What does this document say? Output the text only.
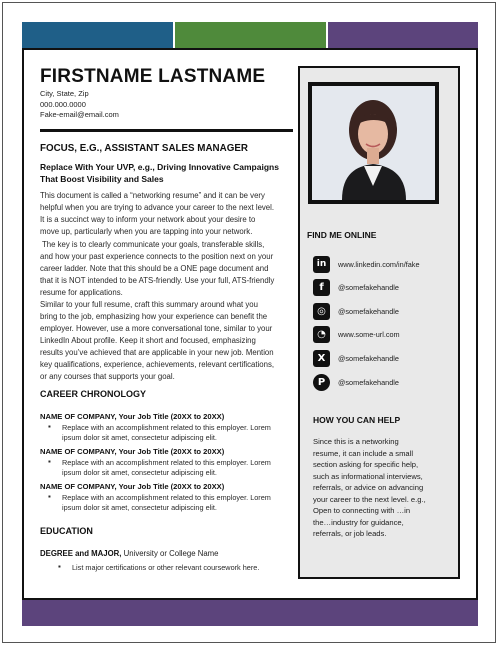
FIRSTNAME LASTNAME
City, State, Zip
000.000.0000
Fake-email@email.com
FOCUS, E.G., ASSISTANT SALES MANAGER
Replace With Your UVP, e.g., Driving Innovative Campaigns
That Boost Visibility and Sales
This document is called a “networking resume” and it can be very
helpful when you are trying to advance your career to the next level.
It is a succinct way to inform your network about your desire to
move up, particularly when you are tapping into your network.
The key is to clearly communicate your goals, transferable skills,
and how your past experience connects to the position next on your
career ladder. Note that this should be a ONE page document and
that it is NOT intended to be ATS-friendly. Use your full, ATS-friendly
resume for applications.
Similar to your full resume, craft this summary around what you
bring to the job, emphasizing how your experience can benefit the
employer. However, use a more conversational tone, similar to your
LinkedIn About profile. Keep it short and focused, emphasizing
results you’ve achieved that are applicable in your new job. Mention
key qualifications, experience, achievements, relevant certifications,
or any courses that supports your goal.
CAREER CHRONOLOGY
NAME OF COMPANY, Your Job Title (20XX to 20XX)
▪ Replace with an accomplishment related to this employer. Lorem
ipsum dolor sit amet, consectetur adipiscing elit.
NAME OF COMPANY, Your Job Title (20XX to 20XX)
▪ Replace with an accomplishment related to this employer. Lorem
ipsum dolor sit amet, consectetur adipiscing elit.
NAME OF COMPANY, Your Job Title (20XX to 20XX)
▪ Replace with an accomplishment related to this employer. Lorem
ipsum dolor sit amet, consectetur adipiscing elit.
EDUCATION
DEGREE and MAJOR, University or College Name
▪ List major certifications or other relevant coursework here.
FIND ME ONLINE
in	www.linkedin.com/in/fake
f	@somefakehandle
◎	@somefakehandle
◔	www.some-url.com
X	@somefakehandle
P	@somefakehandle
HOW YOU CAN HELP
Since this is a networking
resume, it can include a small
section asking for specific help,
such as informational interviews,
referrals, or advice on advancing
your career to the next level. e.g.,
Open to connecting with …in
the…industry for guidance,
referrals, or job leads.
